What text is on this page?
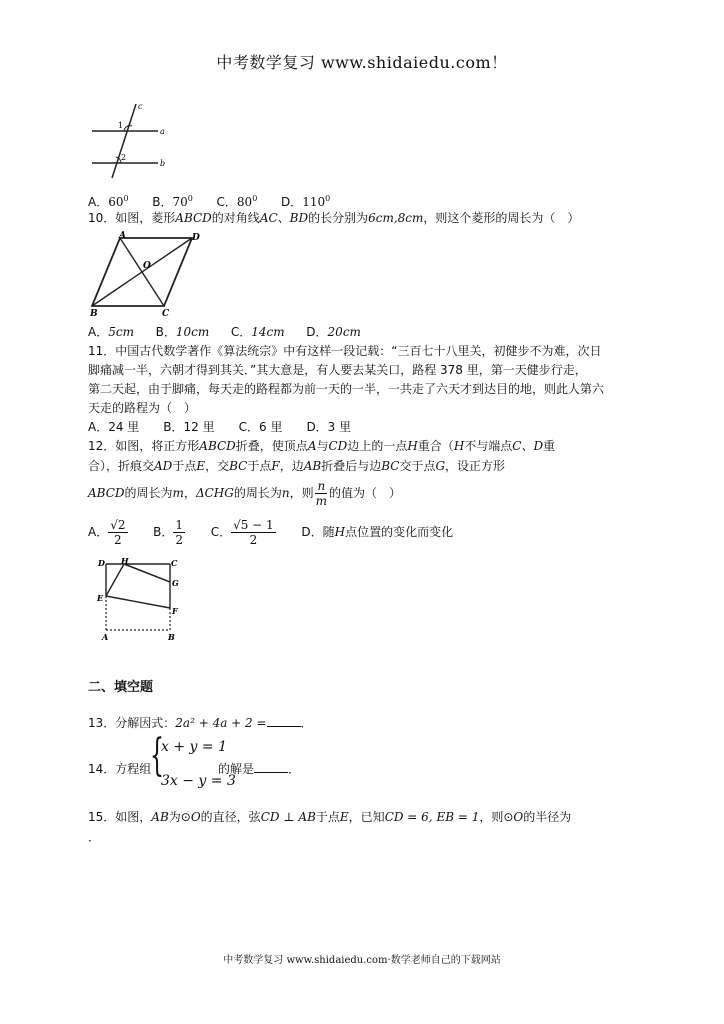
中考数学复习 www.shidaiedu.com！
c
1
a
2
b
A．$60^0$ B．$70^0$ C．$80^0$ D．$110^0$
10．如图，菱形ABCD的对角线AC、BD的长分别为6cm,8cm，则这个菱形的周长为（　）
A	D
O
B	C
A．5cm B．10cm C．14cm D．20cm
11．中国古代数学著作《算法统宗》中有这样一段记载：“三百七十八里关，初健步不为难，次日
脚痛减一半，六朝才得到其关．”其大意是，有人要去某关口，路程 378 里，第一天健步行走，
第二天起，由于脚痛，每天走的路程都为前一天的一半，一共走了六天才到达目的地，则此人第六
天走的路程为（　）
A．24 里　　B．12 里　　C．6 里　　D．3 里
12．如图，将正方形ABCD折叠，使顶点A与CD边上的一点H重合（H不与端点C、D重
合），折痕交AD于点E，交BC于点F，边AB折叠后与边BC交于点G，设正方形
ABCD的周长为m，ΔCHG的周长为n，则 $\frac{n}{m}$ 的值为（　）
A． $\frac{√2}{2}$ B． $\frac{1}{2}$ C． $\frac{√5 - 1}{2}$ D．随H点位置的变化而变化
D H	C
G
E
F
A	B
二、填空题
13．分解因式：2a² + 4a + 2 =	．
14．方程组
{
x + y = 1
3x − y = 3
的解是	．
15．如图，AB为⊙O的直径，弦CD ⊥ AB于点E，已知CD = 6, EB = 1，则⊙O的半径为
．
中考数学复习 www.shidaiedu.com·数学老师自己的下载网站
